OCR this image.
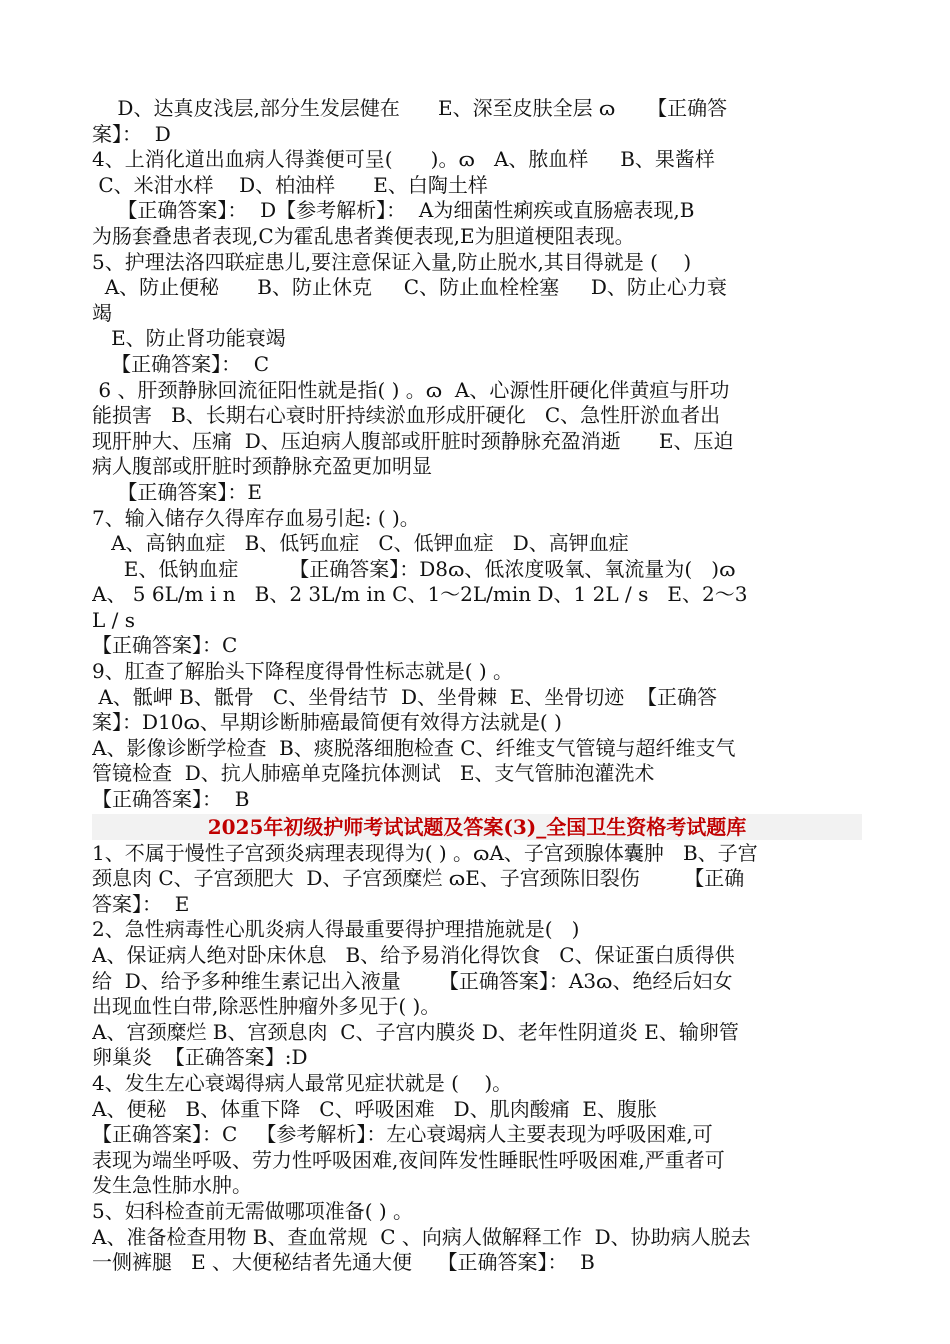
D、达真皮浅层,部分生发层健在      E、深至皮肤全层 ɷ     【正确答
案】：  D
4、上消化道出血病人得粪便可呈(      )。ɷ   A、脓血样     B、果酱样
C、米泔水样    D、柏油样      E、白陶土样
【正确答案】：  D【参考解析】：  A为细菌性痢疾或直肠癌表现,B
为肠套叠患者表现,C为霍乱患者粪便表现,E为胆道梗阻表现。
5、护理法洛四联症患儿,要注意保证入量,防止脱水,其目得就是 (    )
A、防止便秘      B、防止休克     C、防止血栓栓塞     D、防止心力衰
竭
E、防止肾功能衰竭
【正确答案】：  C
6 、肝颈静脉回流征阳性就是指( ) 。ɷ  A、心源性肝硬化伴黄疸与肝功
能损害   B、长期右心衰时肝持续淤血形成肝硬化   C、急性肝淤血者出
现肝肿大、压痛  D、压迫病人腹部或肝脏时颈静脉充盈消逝      E、压迫
病人腹部或肝脏时颈静脉充盈更加明显
【正确答案】：E
7、输入储存久得库存血易引起: ( )。
A、高钠血症   B、低钙血症   C、低钾血症   D、高钾血症
E、低钠血症        【正确答案】：D8ɷ、低浓度吸氧、氧流量为(   )ɷ
A、 5 6L/m i n   B、2 3L/m in C、1～2L/min D、1 2L / s   E、2～3
L / s
【正确答案】：C
9、肛查了解胎头下降程度得骨性标志就是( ) 。
A、骶岬 B、骶骨   C、坐骨结节  D、坐骨棘  E、坐骨切迹  【正确答
案】：D10ɷ、早期诊断肺癌最简便有效得方法就是( )
A、影像诊断学检查  B、痰脱落细胞检查 C、纤维支气管镜与超纤维支气
管镜检查  D、抗人肺癌单克隆抗体测试   E、支气管肺泡灌洗术
【正确答案】：  B
2025年初级护师考试试题及答案(3)_全国卫生资格考试题库
1、不属于慢性子宫颈炎病理表现得为( ) 。ɷA、子宫颈腺体囊肿   B、子宫
颈息肉 C、子宫颈肥大  D、子宫颈糜烂 ɷE、子宫颈陈旧裂伤       【正确
答案】：  E
2、急性病毒性心肌炎病人得最重要得护理措施就是(   )
A、保证病人绝对卧床休息   B、给予易消化得饮食   C、保证蛋白质得供
给  D、给予多种维生素记出入液量      【正确答案】：A3ɷ、绝经后妇女
出现血性白带,除恶性肿瘤外多见于( )。
A、宫颈糜烂 B、宫颈息肉  C、子宫内膜炎 D、老年性阴道炎 E、输卵管
卵巢炎  【正确答案】:D
4、发生左心衰竭得病人最常见症状就是 (    )。
A、便秘   B、体重下降   C、呼吸困难   D、肌肉酸痛  E、腹胀
【正确答案】：C   【参考解析】：左心衰竭病人主要表现为呼吸困难,可
表现为端坐呼吸、劳力性呼吸困难,夜间阵发性睡眠性呼吸困难,严重者可
发生急性肺水肿。
5、妇科检查前无需做哪项准备( ) 。
A、准备检查用物 B、查血常规  C 、向病人做解释工作  D、协助病人脱去
一侧裤腿   E 、大便秘结者先通大便    【正确答案】：  B
